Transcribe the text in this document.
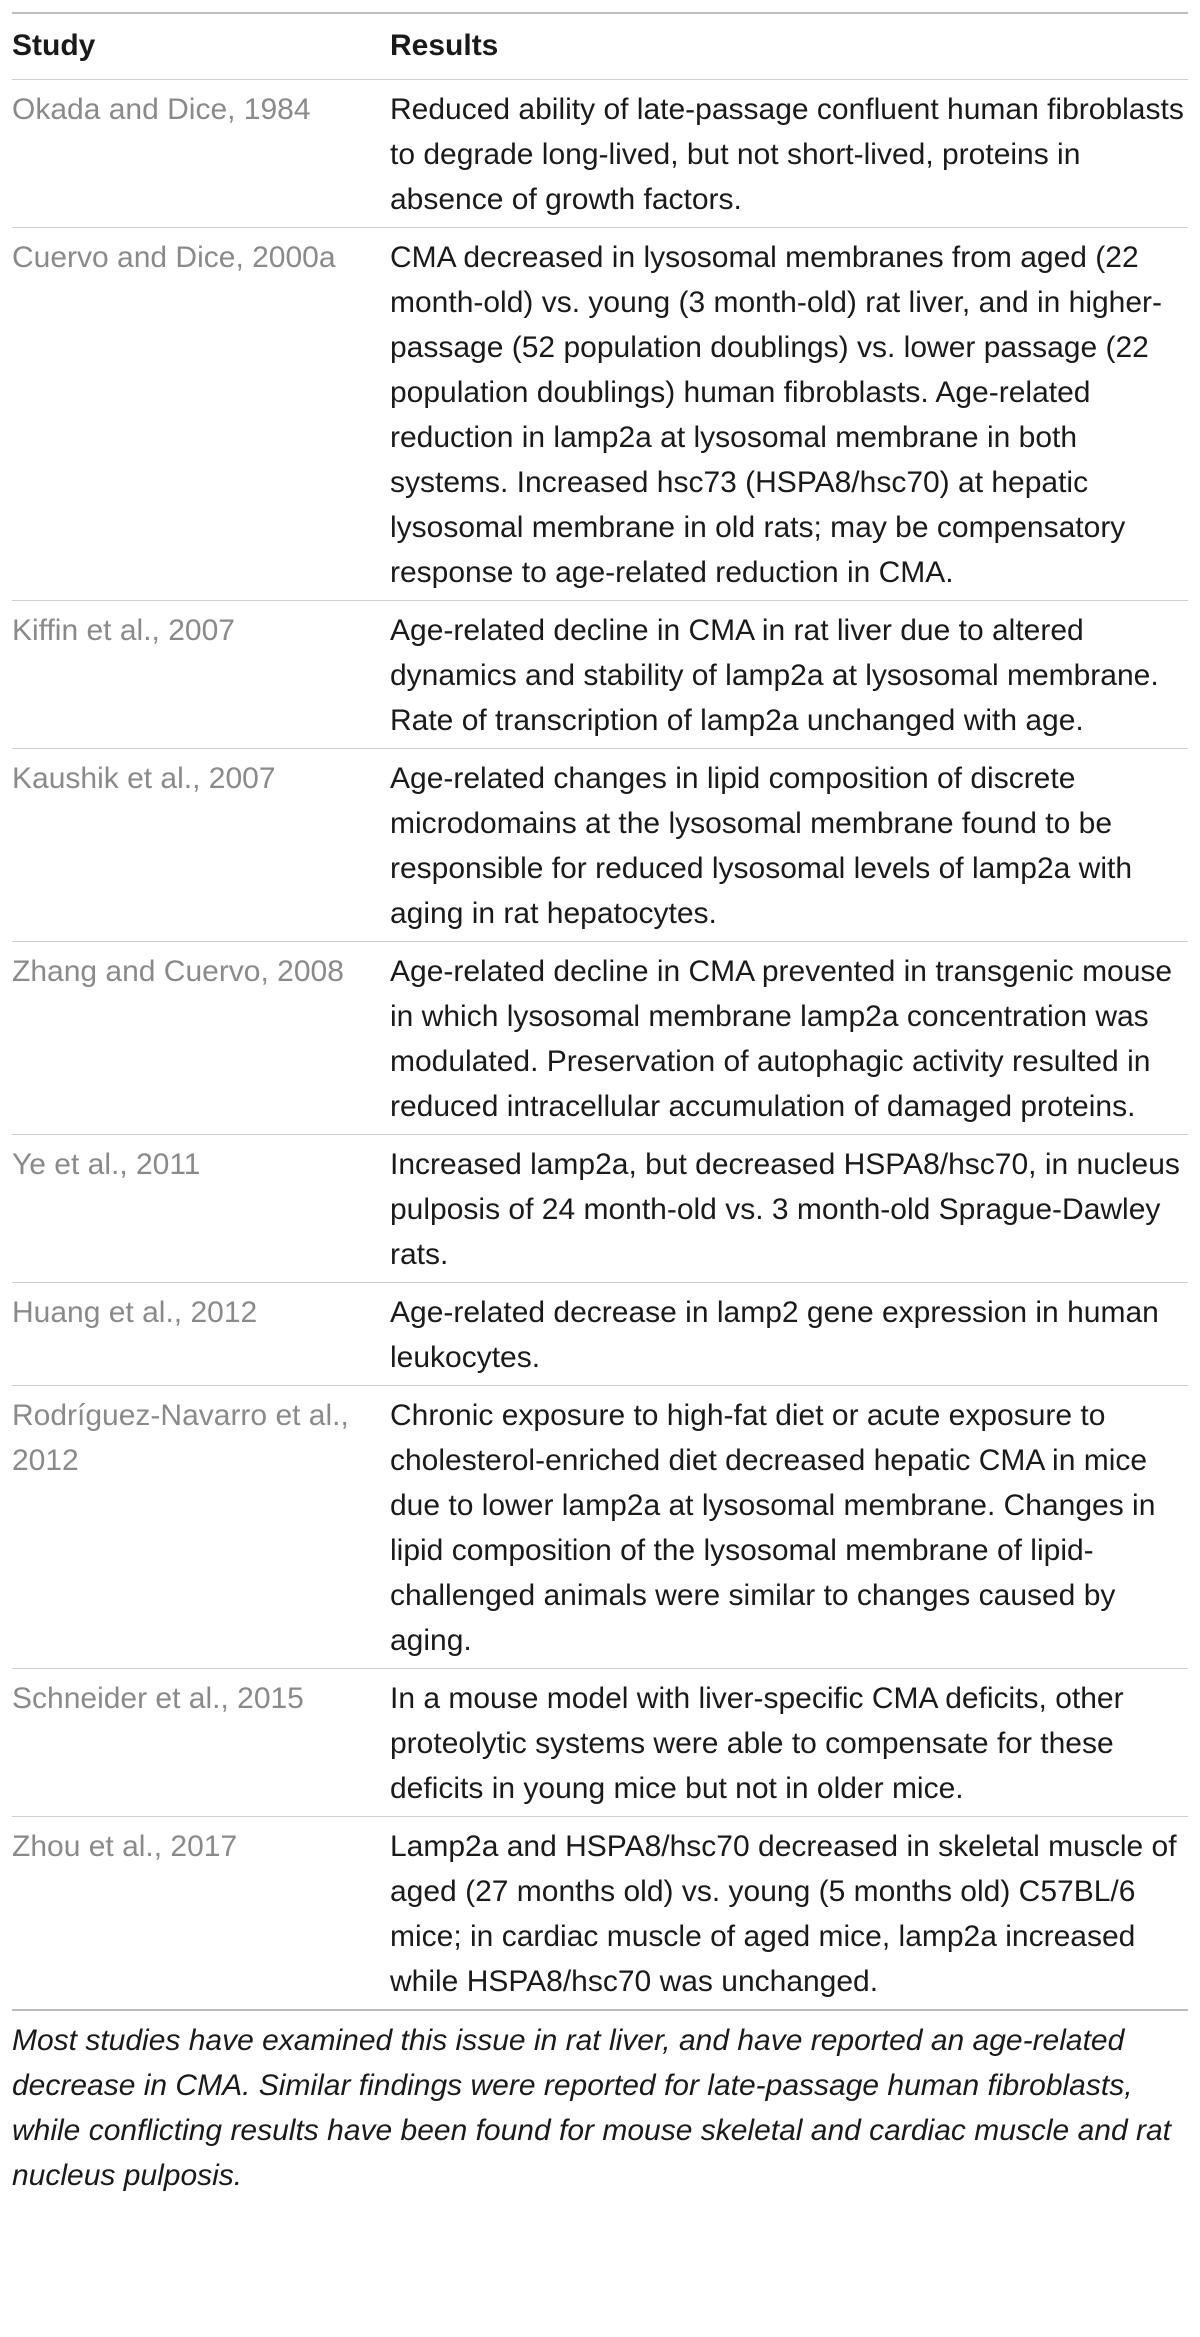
Study	Results
Okada and Dice, 1984	Reduced ability of late-passage confluent human fibroblasts to degrade long-lived, but not short-lived, proteins in absence of growth factors.
Cuervo and Dice, 2000a	CMA decreased in lysosomal membranes from aged (22 month-old) vs. young (3 month-old) rat liver, and in higher-passage (52 population doublings) vs. lower passage (22 population doublings) human fibroblasts. Age-related reduction in lamp2a at lysosomal membrane in both systems. Increased hsc73 (HSPA8/hsc70) at hepatic lysosomal membrane in old rats; may be compensatory response to age-related reduction in CMA.
Kiffin et al., 2007	Age-related decline in CMA in rat liver due to altered dynamics and stability of lamp2a at lysosomal membrane. Rate of transcription of lamp2a unchanged with age.
Kaushik et al., 2007	Age-related changes in lipid composition of discrete microdomains at the lysosomal membrane found to be responsible for reduced lysosomal levels of lamp2a with aging in rat hepatocytes.
Zhang and Cuervo, 2008	Age-related decline in CMA prevented in transgenic mouse in which lysosomal membrane lamp2a concentration was modulated. Preservation of autophagic activity resulted in reduced intracellular accumulation of damaged proteins.
Ye et al., 2011	Increased lamp2a, but decreased HSPA8/hsc70, in nucleus pulposis of 24 month-old vs. 3 month-old Sprague-Dawley rats.
Huang et al., 2012	Age-related decrease in lamp2 gene expression in human leukocytes.
Rodríguez-Navarro et al., 2012	Chronic exposure to high-fat diet or acute exposure to cholesterol-enriched diet decreased hepatic CMA in mice due to lower lamp2a at lysosomal membrane. Changes in lipid composition of the lysosomal membrane of lipid-challenged animals were similar to changes caused by aging.
Schneider et al., 2015	In a mouse model with liver-specific CMA deficits, other proteolytic systems were able to compensate for these deficits in young mice but not in older mice.
Zhou et al., 2017	Lamp2a and HSPA8/hsc70 decreased in skeletal muscle of aged (27 months old) vs. young (5 months old) C57BL/6 mice; in cardiac muscle of aged mice, lamp2a increased while HSPA8/hsc70 was unchanged.
Most studies have examined this issue in rat liver, and have reported an age-related decrease in CMA. Similar findings were reported for late-passage human fibroblasts, while conflicting results have been found for mouse skeletal and cardiac muscle and rat nucleus pulposis.
